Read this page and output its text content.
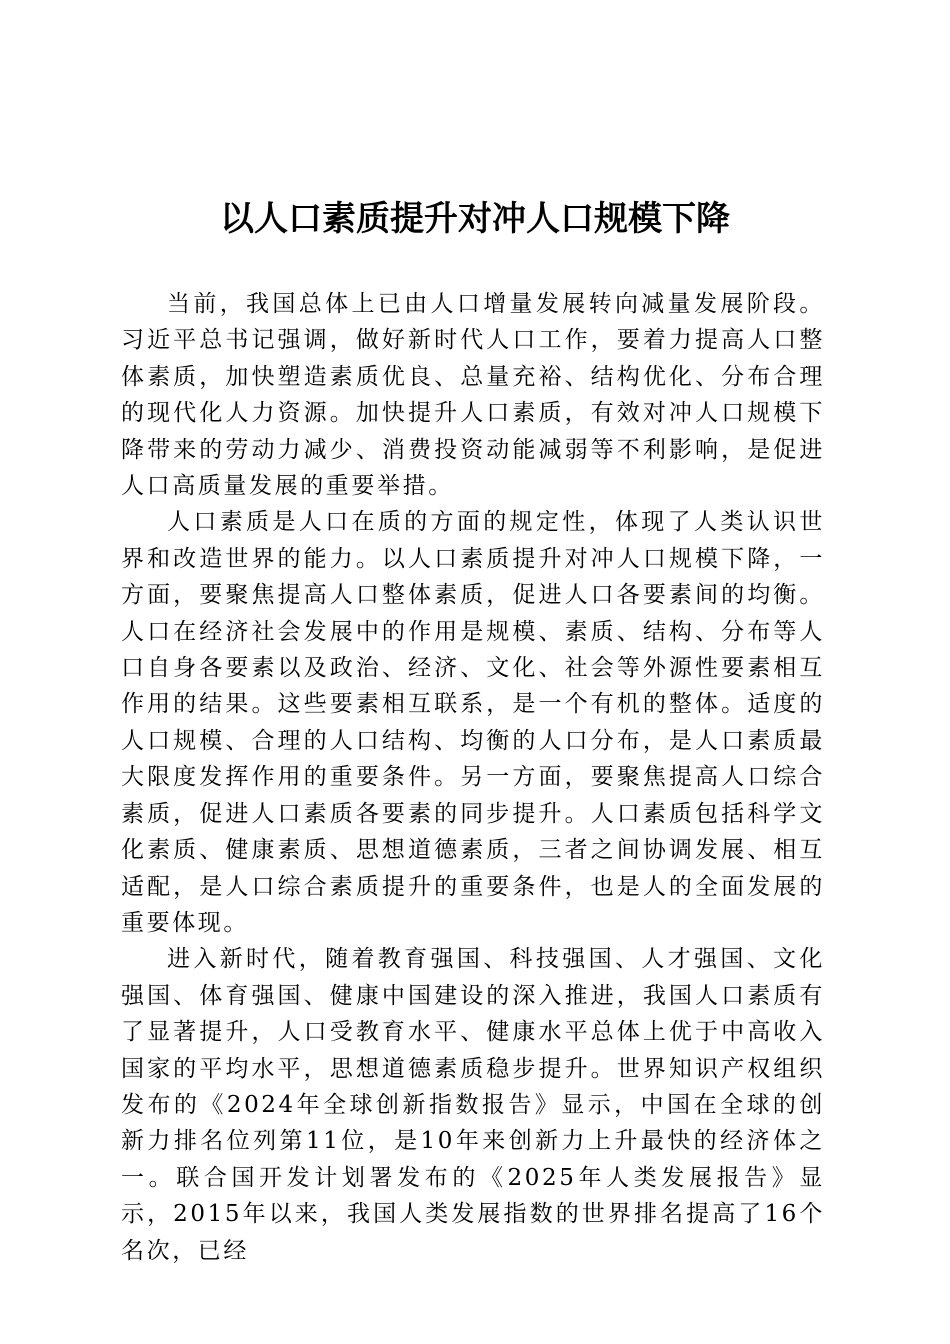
以人口素质提升对冲人口规模下降

当前，我国总体上已由人口增量发展转向减量发展阶段。习近平总书记强调，做好新时代人口工作，要着力提高人口整体素质，加快塑造素质优良、总量充裕、结构优化、分布合理的现代化人力资源。加快提升人口素质，有效对冲人口规模下降带来的劳动力减少、消费投资动能减弱等不利影响，是促进人口高质量发展的重要举措。

人口素质是人口在质的方面的规定性，体现了人类认识世界和改造世界的能力。以人口素质提升对冲人口规模下降，一方面，要聚焦提高人口整体素质，促进人口各要素间的均衡。人口在经济社会发展中的作用是规模、素质、结构、分布等人口自身各要素以及政治、经济、文化、社会等外源性要素相互作用的结果。这些要素相互联系，是一个有机的整体。适度的人口规模、合理的人口结构、均衡的人口分布，是人口素质最大限度发挥作用的重要条件。另一方面，要聚焦提高人口综合素质，促进人口素质各要素的同步提升。人口素质包括科学文化素质、健康素质、思想道德素质，三者之间协调发展、相互适配，是人口综合素质提升的重要条件，也是人的全面发展的重要体现。

进入新时代，随着教育强国、科技强国、人才强国、文化强国、体育强国、健康中国建设的深入推进，我国人口素质有了显著提升，人口受教育水平、健康水平总体上优于中高收入国家的平均水平，思想道德素质稳步提升。世界知识产权组织发布的《2024年全球创新指数报告》显示，中国在全球的创新力排名位列第11位，是10年来创新力上升最快的经济体之一。联合国开发计划署发布的《2025年人类发展报告》显示，2015年以来，我国人类发展指数的世界排名提高了16个名次，已经
